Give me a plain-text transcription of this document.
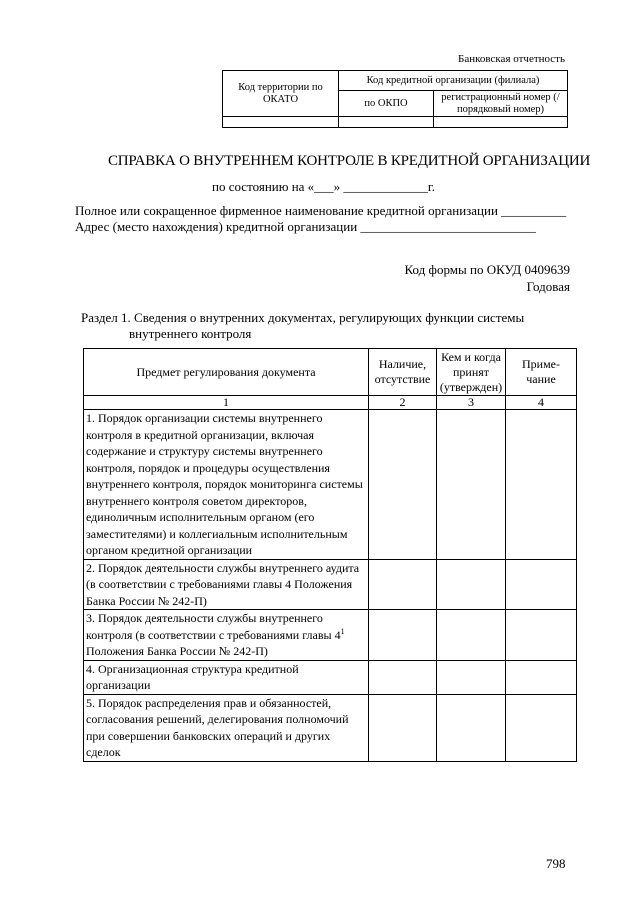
Банковская отчетность
Код территории по ОКАТО	Код кредитной организации (филиала)	
	по ОКПО	регистрационный номер (/порядковый номер)

СПРАВКА О ВНУТРЕННЕМ КОНТРОЛЕ В КРЕДИТНОЙ ОРГАНИЗАЦИИ
по состоянию на «___» _____________г.
Полное или сокращенное фирменное наименование кредитной организации __________
Адрес (место нахождения) кредитной организации ___________________________
Код формы по ОКУД 0409639
Годовая
Раздел 1. Сведения о внутренних документах, регулирующих функции системы
внутреннего контроля
Предмет регулирования документа	Наличие, отсутствие	Кем и когда принят (утвержден)	Приме-чание
1	2	3	4
1. Порядок организации системы внутреннего контроля в кредитной организации, включая содержание и структуру системы внутреннего контроля, порядок и процедуры осуществления внутреннего контроля, порядок мониторинга системы внутреннего контроля советом директоров, единоличным исполнительным органом (его заместителями) и коллегиальным исполнительным органом кредитной организации			
2. Порядок деятельности службы внутреннего аудита (в соответствии с требованиями главы 4 Положения Банка России № 242-П)			
3. Порядок деятельности службы внутреннего контроля (в соответствии с требованиями главы $4^1$ Положения Банка России № 242-П)			
4. Организационная структура кредитной организации			
5. Порядок распределения прав и обязанностей, согласования решений, делегирования полномочий при совершении банковских операций и других сделок			
798
